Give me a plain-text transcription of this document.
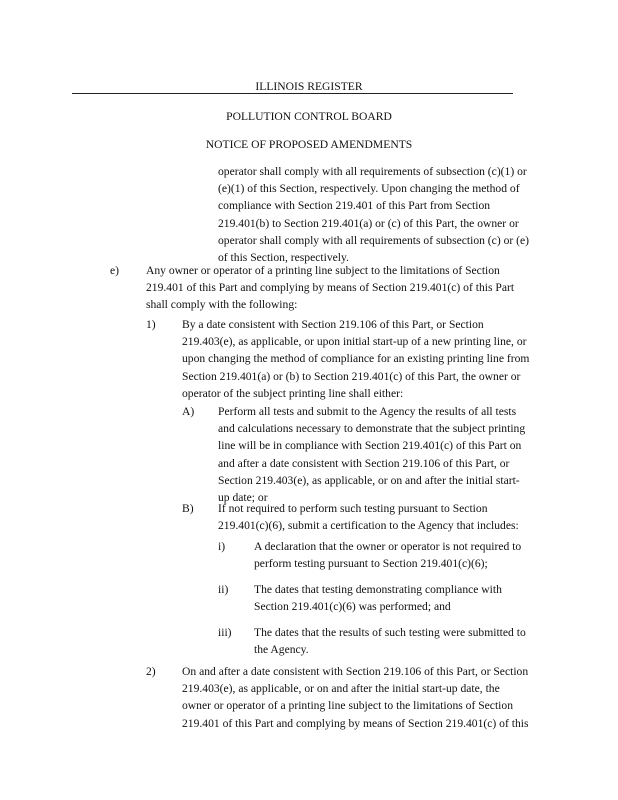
ILLINOIS REGISTER
POLLUTION CONTROL BOARD
NOTICE OF PROPOSED AMENDMENTS
operator shall comply with all requirements of subsection (c)(1) or
(e)(1) of this Section, respectively. Upon changing the method of
compliance with Section 219.401 of this Part from Section
219.401(b) to Section 219.401(a) or (c) of this Part, the owner or
operator shall comply with all requirements of subsection (c) or (e)
of this Section, respectively.
e) Any owner or operator of a printing line subject to the limitations of Section
219.401 of this Part and complying by means of Section 219.401(c) of this Part
shall comply with the following:
1) By a date consistent with Section 219.106 of this Part, or Section
219.403(e), as applicable, or upon initial start-up of a new printing line, or
upon changing the method of compliance for an existing printing line from
Section 219.401(a) or (b) to Section 219.401(c) of this Part, the owner or
operator of the subject printing line shall either:
A) Perform all tests and submit to the Agency the results of all tests
and calculations necessary to demonstrate that the subject printing
line will be in compliance with Section 219.401(c) of this Part on
and after a date consistent with Section 219.106 of this Part, or
Section 219.403(e), as applicable, or on and after the initial start-
up date; or
B) If not required to perform such testing pursuant to Section
219.401(c)(6), submit a certification to the Agency that includes:
i) A declaration that the owner or operator is not required to
perform testing pursuant to Section 219.401(c)(6);
ii) The dates that testing demonstrating compliance with
Section 219.401(c)(6) was performed; and
iii) The dates that the results of such testing were submitted to
the Agency.
2) On and after a date consistent with Section 219.106 of this Part, or Section
219.403(e), as applicable, or on and after the initial start-up date, the
owner or operator of a printing line subject to the limitations of Section
219.401 of this Part and complying by means of Section 219.401(c) of this
